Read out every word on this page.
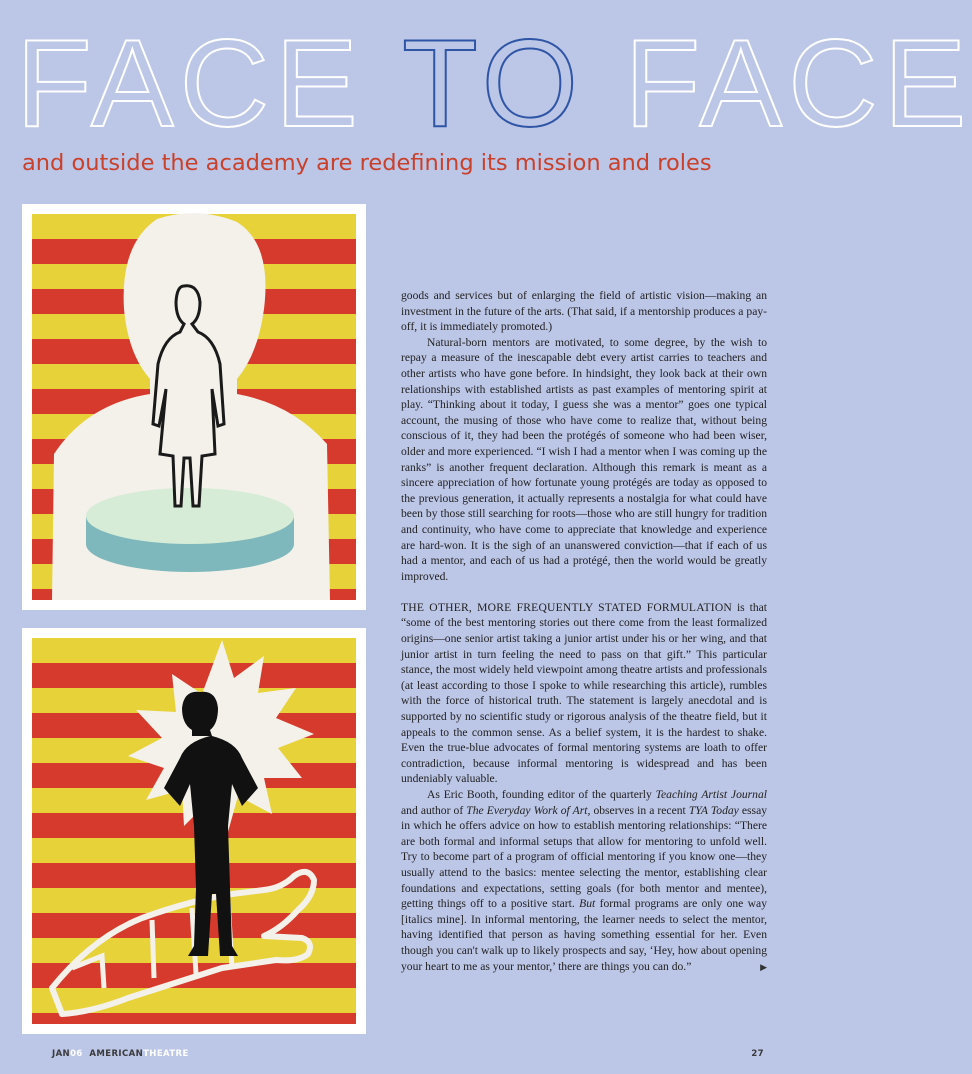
FACE TO FACE
and outside the academy are redefining its mission and roles

goods and services but of enlarging the field of artistic vision—making an investment in the future of the arts. (That said, if a mentorship produces a pay-off, it is immediately promoted.)

Natural-born mentors are motivated, to some degree, by the wish to repay a measure of the inescapable debt every artist carries to teachers and other artists who have gone before. In hindsight, they look back at their own relationships with established artists as past examples of mentoring spirit at play. “Thinking about it today, I guess she was a mentor” goes one typical account, the musing of those who have come to realize that, without being conscious of it, they had been the protégés of someone who had been wiser, older and more experienced. “I wish I had a mentor when I was coming up the ranks” is another frequent declaration. Although this remark is meant as a sincere appreciation of how fortunate young protégés are today as opposed to the previous generation, it actually represents a nostalgia for what could have been by those still searching for roots—those who are still hungry for tradition and continuity, who have come to appreciate that knowledge and experience are hard-won. It is the sigh of an unanswered conviction—that if each of us had a mentor, and each of us had a protégé, then the world would be greatly improved.

THE OTHER, MORE FREQUENTLY STATED FORMULATION is that “some of the best mentoring stories out there come from the least formalized origins—one senior artist taking a junior artist under his or her wing, and that junior artist in turn feeling the need to pass on that gift.” This particular stance, the most widely held viewpoint among theatre artists and professionals (at least according to those I spoke to while researching this article), rumbles with the force of historical truth. The statement is largely anecdotal and is supported by no scientific study or rigorous analysis of the theatre field, but it appeals to the common sense. As a belief system, it is the hardest to shake. Even the true-blue advocates of formal mentoring systems are loath to offer contradiction, because informal mentoring is widespread and has been undeniably valuable.

As Eric Booth, founding editor of the quarterly Teaching Artist Journal and author of The Everyday Work of Art, observes in a recent TYA Today essay in which he offers advice on how to establish mentoring relationships: “There are both formal and informal setups that allow for mentoring to unfold well. Try to become part of a program of official mentoring if you know one—they usually attend to the basics: mentee selecting the mentor, establishing clear foundations and expectations, setting goals (for both mentor and mentee), getting things off to a positive start. But formal programs are only one way [italics mine]. In informal mentoring, the learner needs to select the mentor, having identified that person as having something essential for her. Even though you can't walk up to likely prospects and say, ‘Hey, how about opening your heart to me as your mentor,’ there are things you can do.”	▶
JAN06 AMERICANTHEATRE	27
